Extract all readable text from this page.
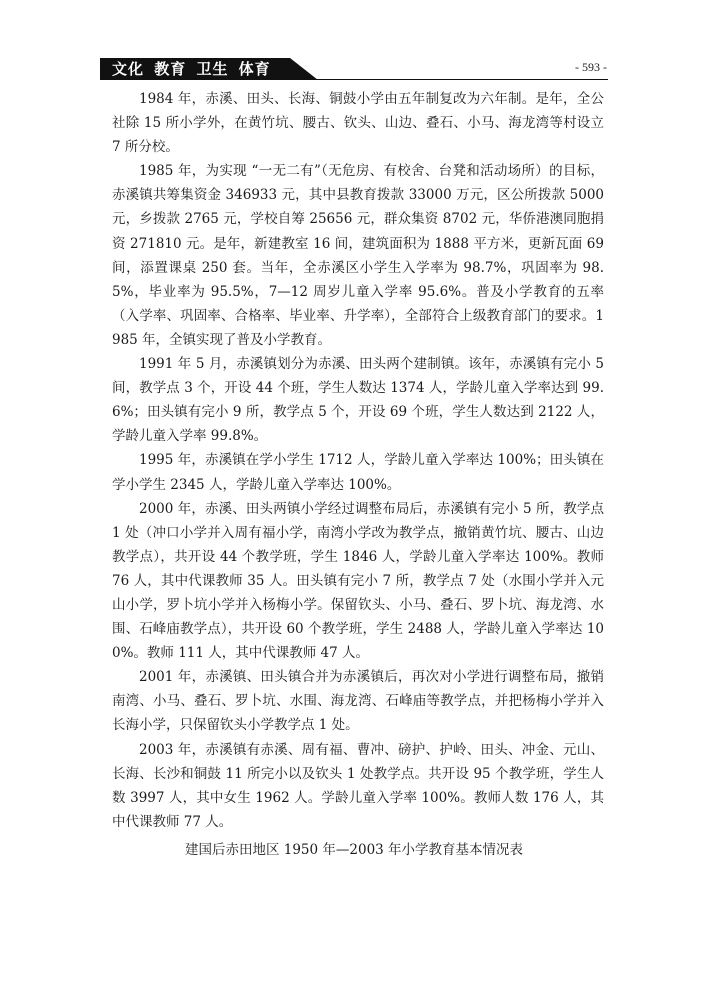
文化 教育 卫生 体育	- 593 -

1984 年，赤溪、田头、长海、铜鼓小学由五年制复改为六年制。是年，全公社除 15 所小学外，在黄竹坑、腰古、钦头、山边、叠石、小马、海龙湾等村设立 7 所分校。

1985 年，为实现 “一无二有”（无危房、有校舍、台凳和活动场所）的目标，赤溪镇共筹集资金 346933 元，其中县教育拨款 33000 万元，区公所拨款 5000 元，乡拨款 2765 元，学校自筹 25656 元，群众集资 8702 元，华侨港澳同胞捐资 271810 元。是年，新建教室 16 间，建筑面积为 1888 平方米，更新瓦面 69 间，添置课桌 250 套。当年，全赤溪区小学生入学率为 98.7%，巩固率为 98.5%，毕业率为 95.5%，7—12 周岁儿童入学率 95.6%。普及小学教育的五率（入学率、巩固率、合格率、毕业率、升学率），全部符合上级教育部门的要求。1985 年，全镇实现了普及小学教育。

1991 年 5 月，赤溪镇划分为赤溪、田头两个建制镇。该年，赤溪镇有完小 5 间，教学点 3 个，开设 44 个班，学生人数达 1374 人，学龄儿童入学率达到 99.6%；田头镇有完小 9 所，教学点 5 个，开设 69 个班，学生人数达到 2122 人，学龄儿童入学率 99.8%。

1995 年，赤溪镇在学小学生 1712 人，学龄儿童入学率达 100%；田头镇在学小学生 2345 人，学龄儿童入学率达 100%。

2000 年，赤溪、田头两镇小学经过调整布局后，赤溪镇有完小 5 所，教学点 1 处（冲口小学并入周有福小学，南湾小学改为教学点，撤销黄竹坑、腰古、山边教学点），共开设 44 个教学班，学生 1846 人，学龄儿童入学率达 100%。教师 76 人，其中代课教师 35 人。田头镇有完小 7 所，教学点 7 处（水围小学并入元山小学，罗卜坑小学并入杨梅小学。保留钦头、小马、叠石、罗卜坑、海龙湾、水围、石峰庙教学点），共开设 60 个教学班，学生 2488 人，学龄儿童入学率达 100%。教师 111 人，其中代课教师 47 人。

2001 年，赤溪镇、田头镇合并为赤溪镇后，再次对小学进行调整布局，撤销南湾、小马、叠石、罗卜坑、水围、海龙湾、石峰庙等教学点，并把杨梅小学并入长海小学，只保留钦头小学教学点 1 处。

2003 年，赤溪镇有赤溪、周有福、曹冲、磅护、护岭、田头、冲金、元山、长海、长沙和铜鼓 11 所完小以及钦头 1 处教学点。共开设 95 个教学班，学生人数 3997 人，其中女生 1962 人。学龄儿童入学率 100%。教师人数 176 人，其中代课教师 77 人。

建国后赤田地区 1950 年—2003 年小学教育基本情况表
